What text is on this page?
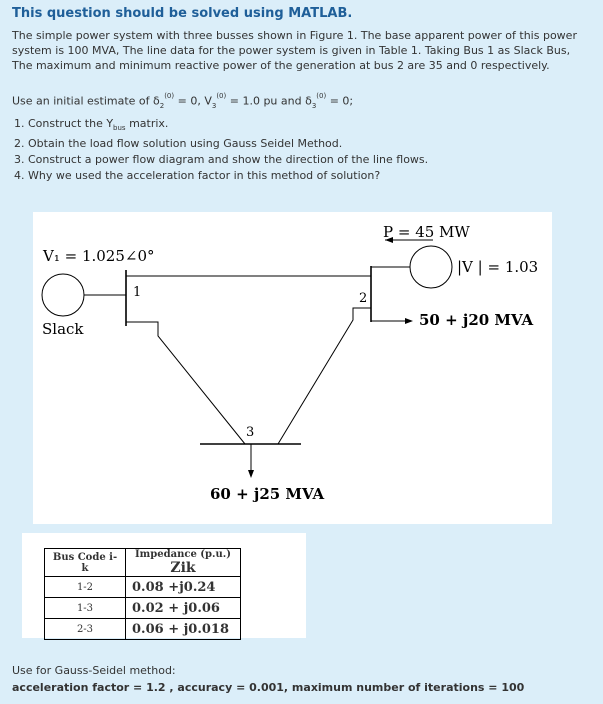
This question should be solved using MATLAB.
The simple power system with three busses shown in Figure 1. The base apparent power of this power system is 100 MVA, The line data for the power system is given in Table 1. Taking Bus 1 as Slack Bus, The maximum and minimum reactive power of the generation at bus 2 are 35 and 0 respectively.
Use an initial estimate of $\delta_2^{(0)} = 0$, $V_3^{(0)} = 1.0$ pu and $\delta_3^{(0)} = 0$;
1. Construct the $Y_{bus}$ matrix.
2. Obtain the load flow solution using Gauss Seidel Method.
3. Construct a power flow diagram and show the direction of the line flows.
4. Why we used the acceleration factor in this method of solution?
V₁ = 1.025∠0°
1
Slack
2
P = 45 MW
|V | = 1.03
50 + j20 MVA
3
60 + j25 MVA
Bus Code i-k	Impedance (p.u.) Zik
1-2	0.08 +j0.24
1-3	0.02 + j0.06
2-3	0.06 + j0.018
Use for Gauss-Seidel method:
acceleration factor = 1.2 , accuracy = 0.001, maximum number of iterations = 100
